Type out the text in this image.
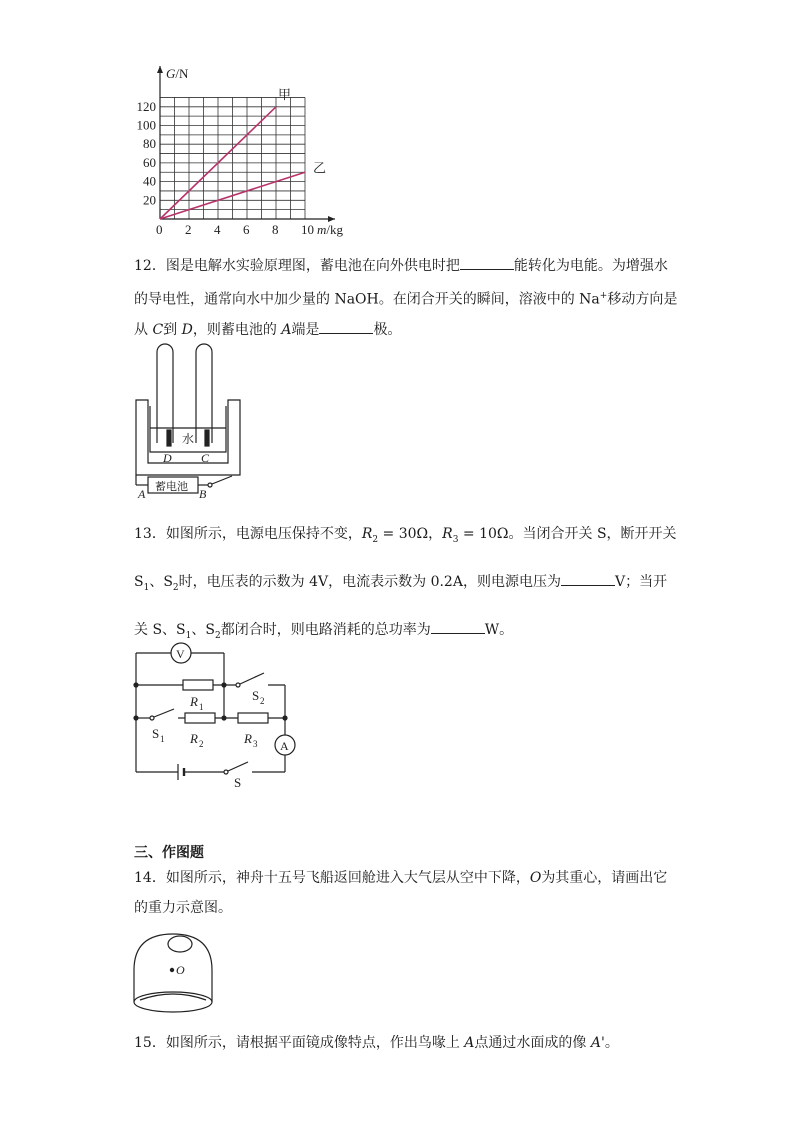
0 2 4 6 8 10
20
40
60
80
100
120
m/kg
G/N
甲
乙
12．图是电解水实验原理图，蓄电池在向外供电时把	能转化为电能。为增强水
的导电性，通常向水中加少量的 NaOH。在闭合开关的瞬间，溶液中的 Na+移动方向是
从 C到 D，则蓄电池的 A端是	极。
水
D C
蓄电池
A	B
13．如图所示，电源电压保持不变，$R_2 = 30\Omega$，$R_3 = 10\Omega$。当闭合开关 S，断开开关
$S_1$、$S_2$时，电压表的示数为 4V，电流表示数为 0.2A，则电源电压为	V；当开
关 S、$S_1$、$S_2$都闭合时，则电路消耗的总功率为	W。
V
R 1
S 2
S 1 R 2	R 3 A
S
三、作图题
14．如图所示，神舟十五号飞船返回舱进入大气层从空中下降，O为其重心，请画出它
的重力示意图。
O
15．如图所示，请根据平面镜成像特点，作出鸟喙上 A点通过水面成的像 A'。
